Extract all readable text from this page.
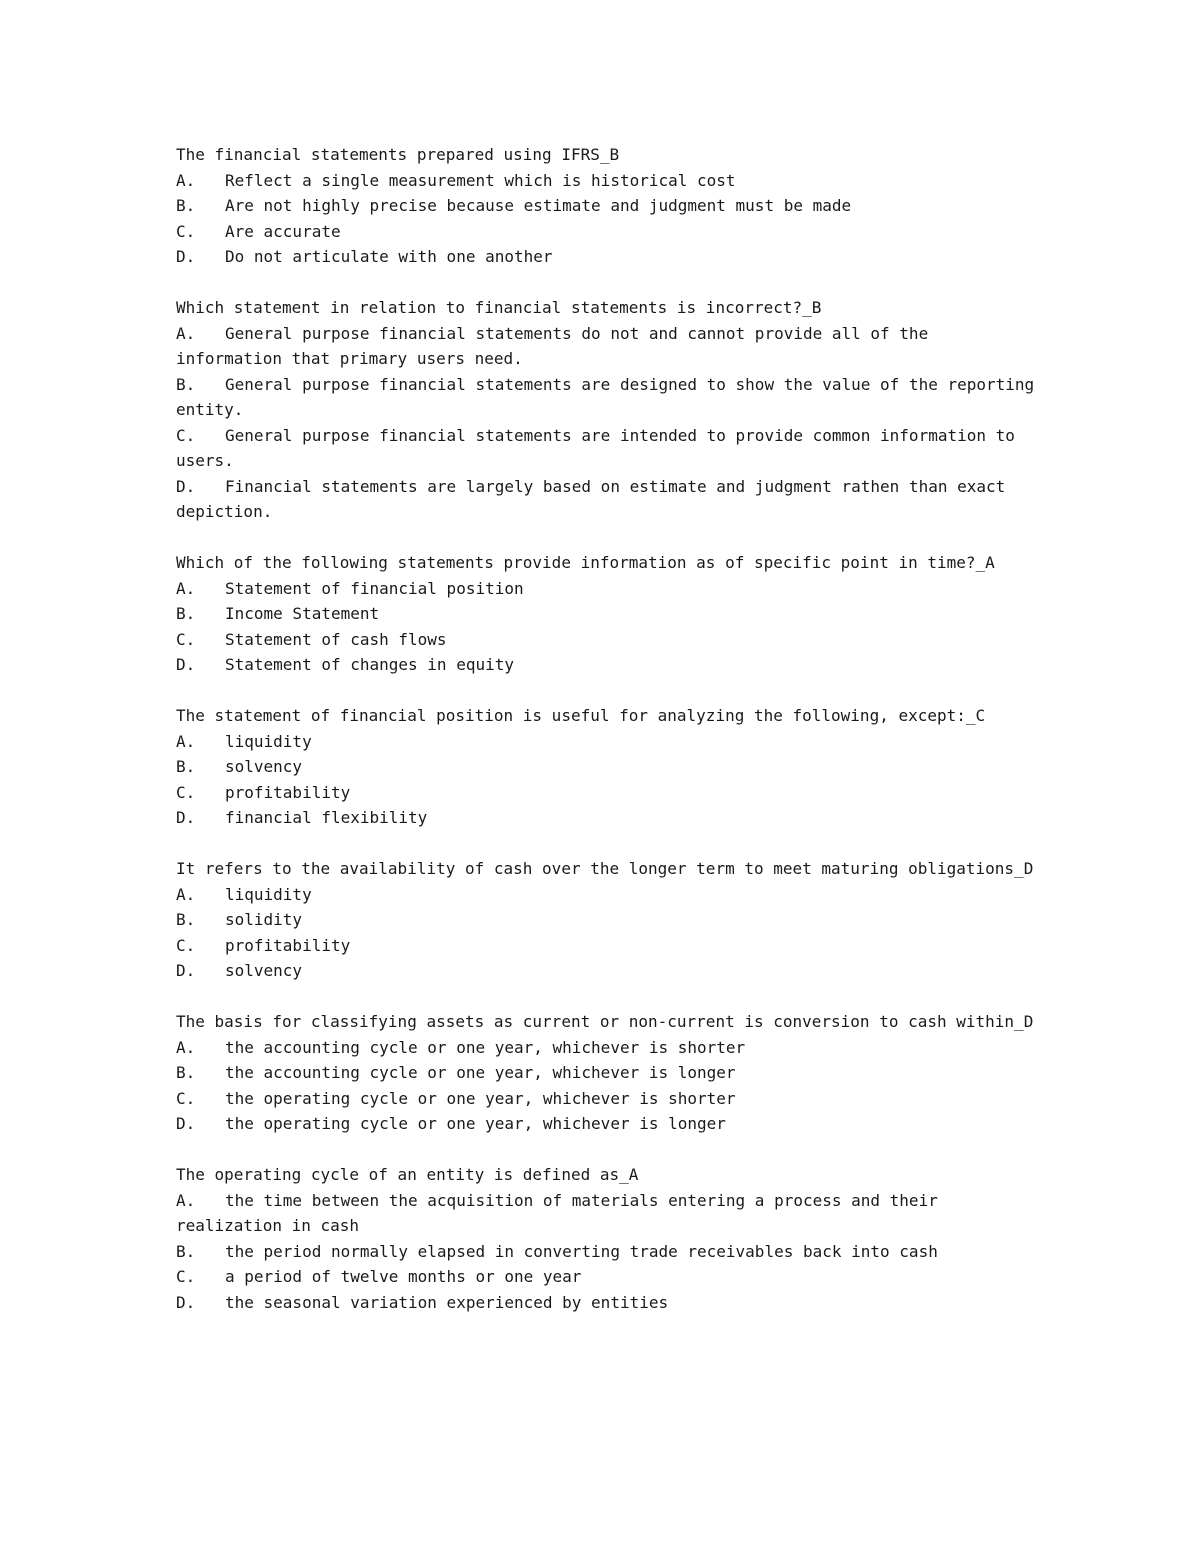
The financial statements prepared using IFRS_B

A. Reflect a single measurement which is historical cost

B. Are not highly precise because estimate and judgment must be made

C. Are accurate

D. Do not articulate with one another

Which statement in relation to financial statements is incorrect?_B

A. General purpose financial statements do not and cannot provide all of the information that primary users need.

B. General purpose financial statements are designed to show the value of the reporting entity.

C. General purpose financial statements are intended to provide common information to users.

D. Financial statements are largely based on estimate and judgment rathen than exact depiction.

Which of the following statements provide information as of specific point in time?_A

A. Statement of financial position

B. Income Statement

C. Statement of cash flows

D. Statement of changes in equity

The statement of financial position is useful for analyzing the following, except:_C

A. liquidity

B. solvency

C. profitability

D. financial flexibility

It refers to the availability of cash over the longer term to meet maturing obligations_D

A. liquidity

B. solidity

C. profitability

D. solvency

The basis for classifying assets as current or non-current is conversion to cash within_D

A. the accounting cycle or one year, whichever is shorter

B. the accounting cycle or one year, whichever is longer

C. the operating cycle or one year, whichever is shorter

D. the operating cycle or one year, whichever is longer

The operating cycle of an entity is defined as_A

A. the time between the acquisition of materials entering a process and their realization in cash

B. the period normally elapsed in converting trade receivables back into cash

C. a period of twelve months or one year

D. the seasonal variation experienced by entities
